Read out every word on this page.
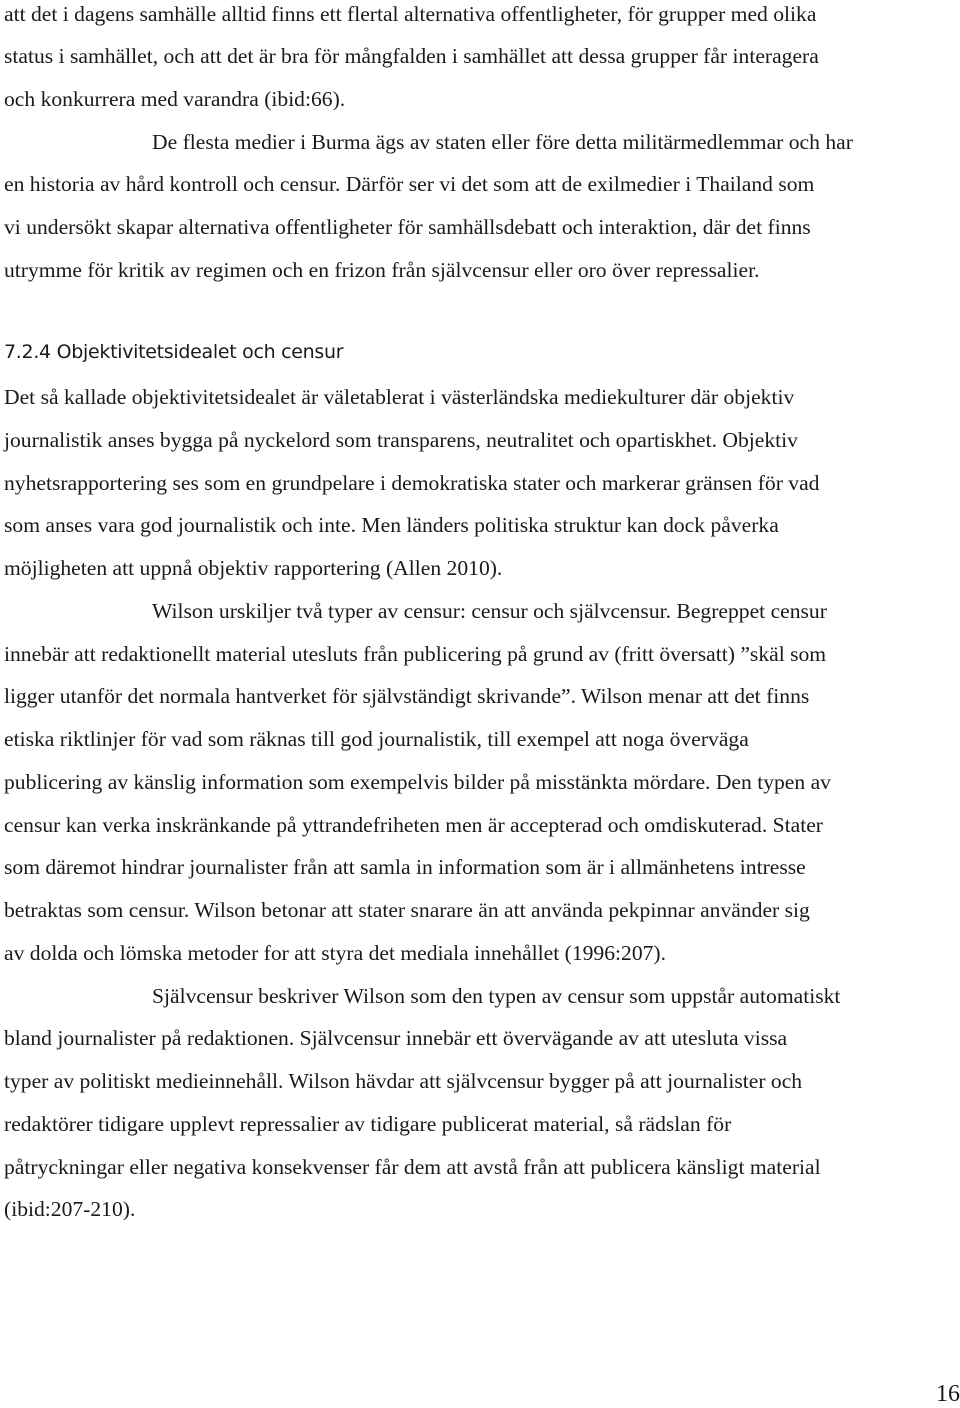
att det i dagens samhälle alltid finns ett flertal alternativa offentligheter, för grupper med olika
status i samhället, och att det är bra för mångfalden i samhället att dessa grupper får interagera
och konkurrera med varandra (ibid:66).
De flesta medier i Burma ägs av staten eller före detta militärmedlemmar och har
en historia av hård kontroll och censur. Därför ser vi det som att de exilmedier i Thailand som
vi undersökt skapar alternativa offentligheter för samhällsdebatt och interaktion, där det finns
utrymme för kritik av regimen och en frizon från självcensur eller oro över repressalier.
7.2.4 Objektivitetsidealet och censur
Det så kallade objektivitetsidealet är väletablerat i västerländska mediekulturer där objektiv
journalistik anses bygga på nyckelord som transparens, neutralitet och opartiskhet. Objektiv
nyhetsrapportering ses som en grundpelare i demokratiska stater och markerar gränsen för vad
som anses vara god journalistik och inte. Men länders politiska struktur kan dock påverka
möjligheten att uppnå objektiv rapportering (Allen 2010).
Wilson urskiljer två typer av censur: censur och självcensur. Begreppet censur
innebär att redaktionellt material utesluts från publicering på grund av (fritt översatt) ”skäl som
ligger utanför det normala hantverket för självständigt skrivande”. Wilson menar att det finns
etiska riktlinjer för vad som räknas till god journalistik, till exempel att noga överväga
publicering av känslig information som exempelvis bilder på misstänkta mördare. Den typen av
censur kan verka inskränkande på yttrandefriheten men är accepterad och omdiskuterad. Stater
som däremot hindrar journalister från att samla in information som är i allmänhetens intresse
betraktas som censur. Wilson betonar att stater snarare än att använda pekpinnar använder sig
av dolda och lömska metoder for att styra det mediala innehållet (1996:207).
Självcensur beskriver Wilson som den typen av censur som uppstår automatiskt
bland journalister på redaktionen. Självcensur innebär ett övervägande av att utesluta vissa
typer av politiskt medieinnehåll. Wilson hävdar att självcensur bygger på att journalister och
redaktörer tidigare upplevt repressalier av tidigare publicerat material, så rädslan för
påtryckningar eller negativa konsekvenser får dem att avstå från att publicera känsligt material
(ibid:207-210).
16
